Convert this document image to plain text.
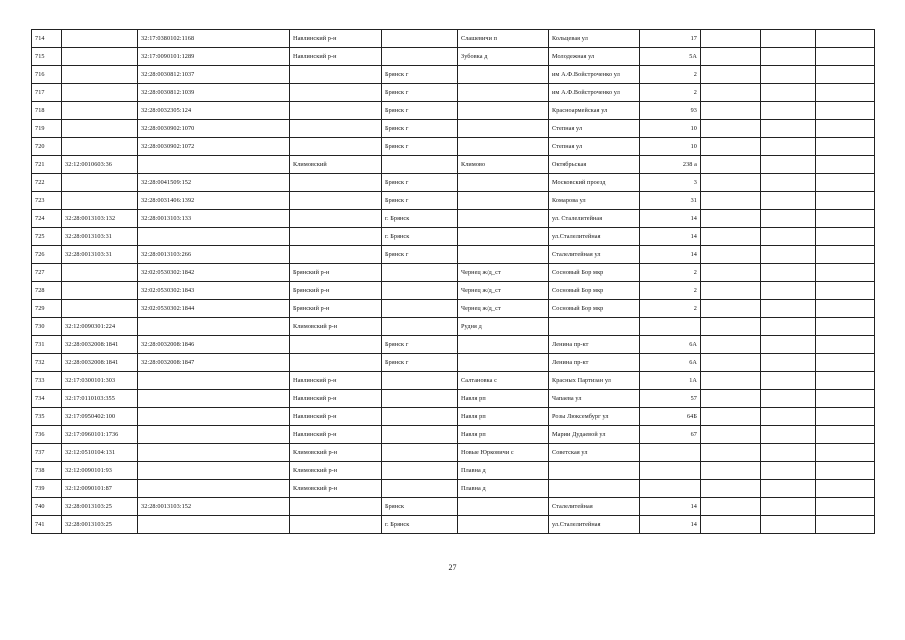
714		32:17:0380102:1168	Навлинский р-н		Слашевичи п	Кольцевая ул	17			
715		32:17:0090101:1289	Навлинский р-н		Зубовка д	Молодежная ул	5А			
716		32:28:0030812:1037		Брянск г		им А.Ф.Войстроченко ул	2			
717		32:28:0030812:1039		Брянск г		им А.Ф.Войстроченко ул	2			
718		32:28:0032305:124		Брянск г		Красноармейская ул	93			
719		32:28:0030902:1070		Брянск г		Степная ул	10			
720		32:28:0030902:1072		Брянск г		Степная ул	10			
721	32:12:0010603:36		Климовский		Климово	Октябрьская	238 а			
722		32:28:0041509:152		Брянск г		Московский проезд	3			
723		32:28:0031406:1392		Брянск г		Комарова ул	31			
724	32:28:0013103:132	32:28:0013103:133		г. Брянск		ул. Сталелитейная	14			
725	32:28:0013103:31			г. Брянск		ул.Сталелитейная	14			
726	32:28:0013103:31	32:28:0013103:266		Брянск г		Сталелитейная ул	14			
727		32:02:0530302:1842	Брянский р-н		Чернец ж/д_ст	Сосновый Бор мкр	2			
728		32:02:0530302:1843	Брянский р-н		Чернец ж/д_ст	Сосновый Бор мкр	2			
729		32:02:0530302:1844	Брянский р-н		Чернец ж/д_ст	Сосновый Бор мкр	2			
730	32:12:0090301:224		Климовский р-н		Рудня д					
731	32:28:0032008:1841	32:28:0032008:1846		Брянск г		Ленина пр-кт	6А			
732	32:28:0032008:1841	32:28:0032008:1847		Брянск г		Ленина пр-кт	6А			
733	32:17:0300101:303		Навлинский р-н		Салтановка с	Красных Партизан ул	1А			
734	32:17:0110103:355		Навлинский р-н		Навля рп	Чапаева ул	57			
735	32:17:0950402:100		Навлинский р-н		Навля рп	Розы Люксембург ул	64Б			
736	32:17:0960101:1736		Навлинский р-н		Навля рп	Марии Дудаевой ул	67			
737	32:12:0510104:131		Климовский р-н		Новые Юрковичи с	Советская ул				
738	32:12:0090101:93		Климовский р-н		Плавна д					
739	32:12:0090101:87		Климовский р-н		Плавна д					
740	32:28:0013103:25	32:28:0013103:152		Брянск		Сталелитейная	14			
741	32:28:0013103:25			г. Брянск		ул.Сталелитейная	14			
27
